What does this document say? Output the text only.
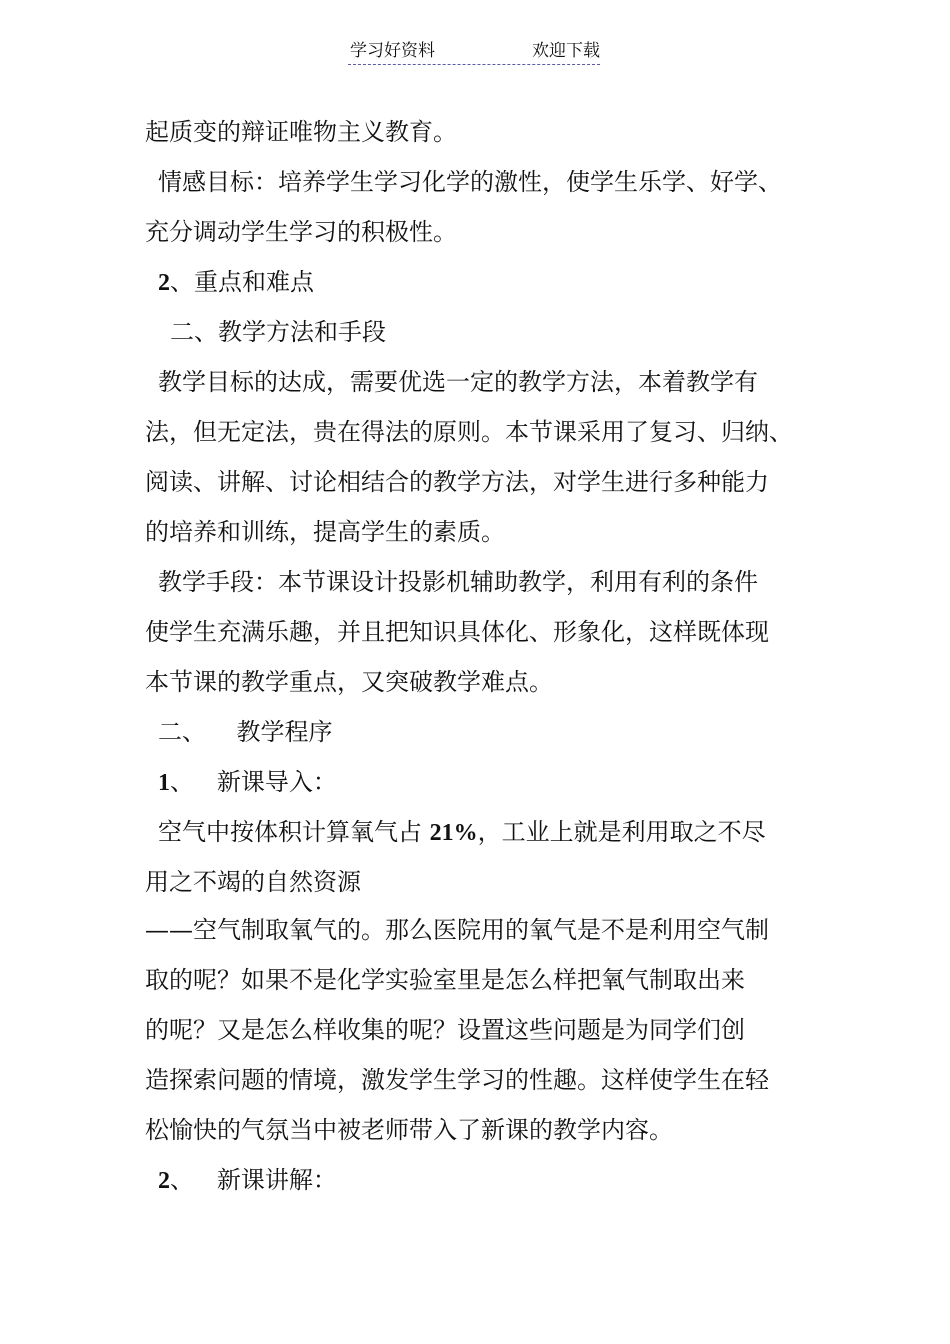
学习好资料	欢迎下载

起质变的辩证唯物主义教育。

情感目标：培养学生学习化学的激性，使学生乐学、好学、

充分调动学生学习的积极性。

2、重点和难点

二、教学方法和手段

教学目标的达成，需要优选一定的教学方法，本着教学有

法，但无定法，贵在得法的原则。本节课采用了复习、归纳、

阅读、讲解、讨论相结合的教学方法，对学生进行多种能力

的培养和训练，提高学生的素质。

教学手段：本节课设计投影机辅助教学，利用有利的条件

使学生充满乐趣，并且把知识具体化、形象化，这样既体现

本节课的教学重点，又突破教学难点。

二、    教学程序

1、   新课导入：

空气中按体积计算氧气占 21%，工业上就是利用取之不尽

用之不竭的自然资源

——空气制取氧气的。那么医院用的氧气是不是利用空气制

取的呢？如果不是化学实验室里是怎么样把氧气制取出来

的呢？又是怎么样收集的呢？设置这些问题是为同学们创

造探索问题的情境，激发学生学习的性趣。这样使学生在轻

松愉快的气氛当中被老师带入了新课的教学内容。

2、   新课讲解：
